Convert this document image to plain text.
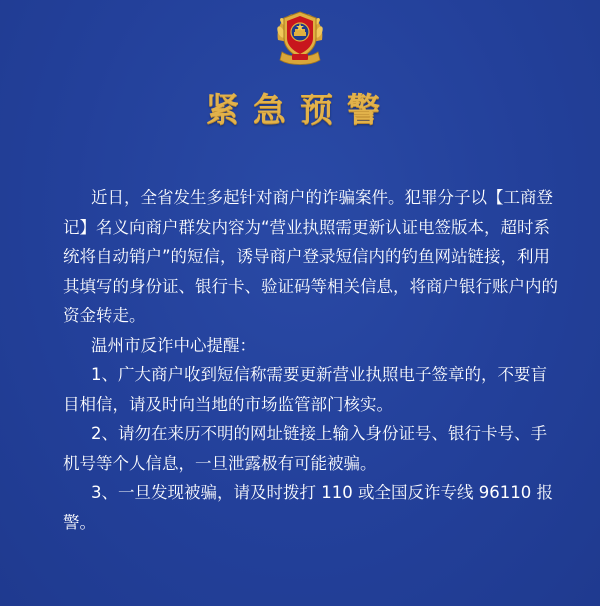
紧急预警

近日，全省发生多起针对商户的诈骗案件。犯罪分子以【工商登记】名义向商户群发内容为“营业执照需更新认证电签版本，超时系统将自动销户”的短信，诱导商户登录短信内的钓鱼网站链接，利用其填写的身份证、银行卡、验证码等相关信息，将商户银行账户内的资金转走。

温州市反诈中心提醒：

1、广大商户收到短信称需要更新营业执照电子签章的，不要盲目相信，请及时向当地的市场监管部门核实。

2、请勿在来历不明的网址链接上输入身份证号、银行卡号、手机号等个人信息，一旦泄露极有可能被骗。

3、一旦发现被骗，请及时拨打 110 或全国反诈专线 96110 报警。
